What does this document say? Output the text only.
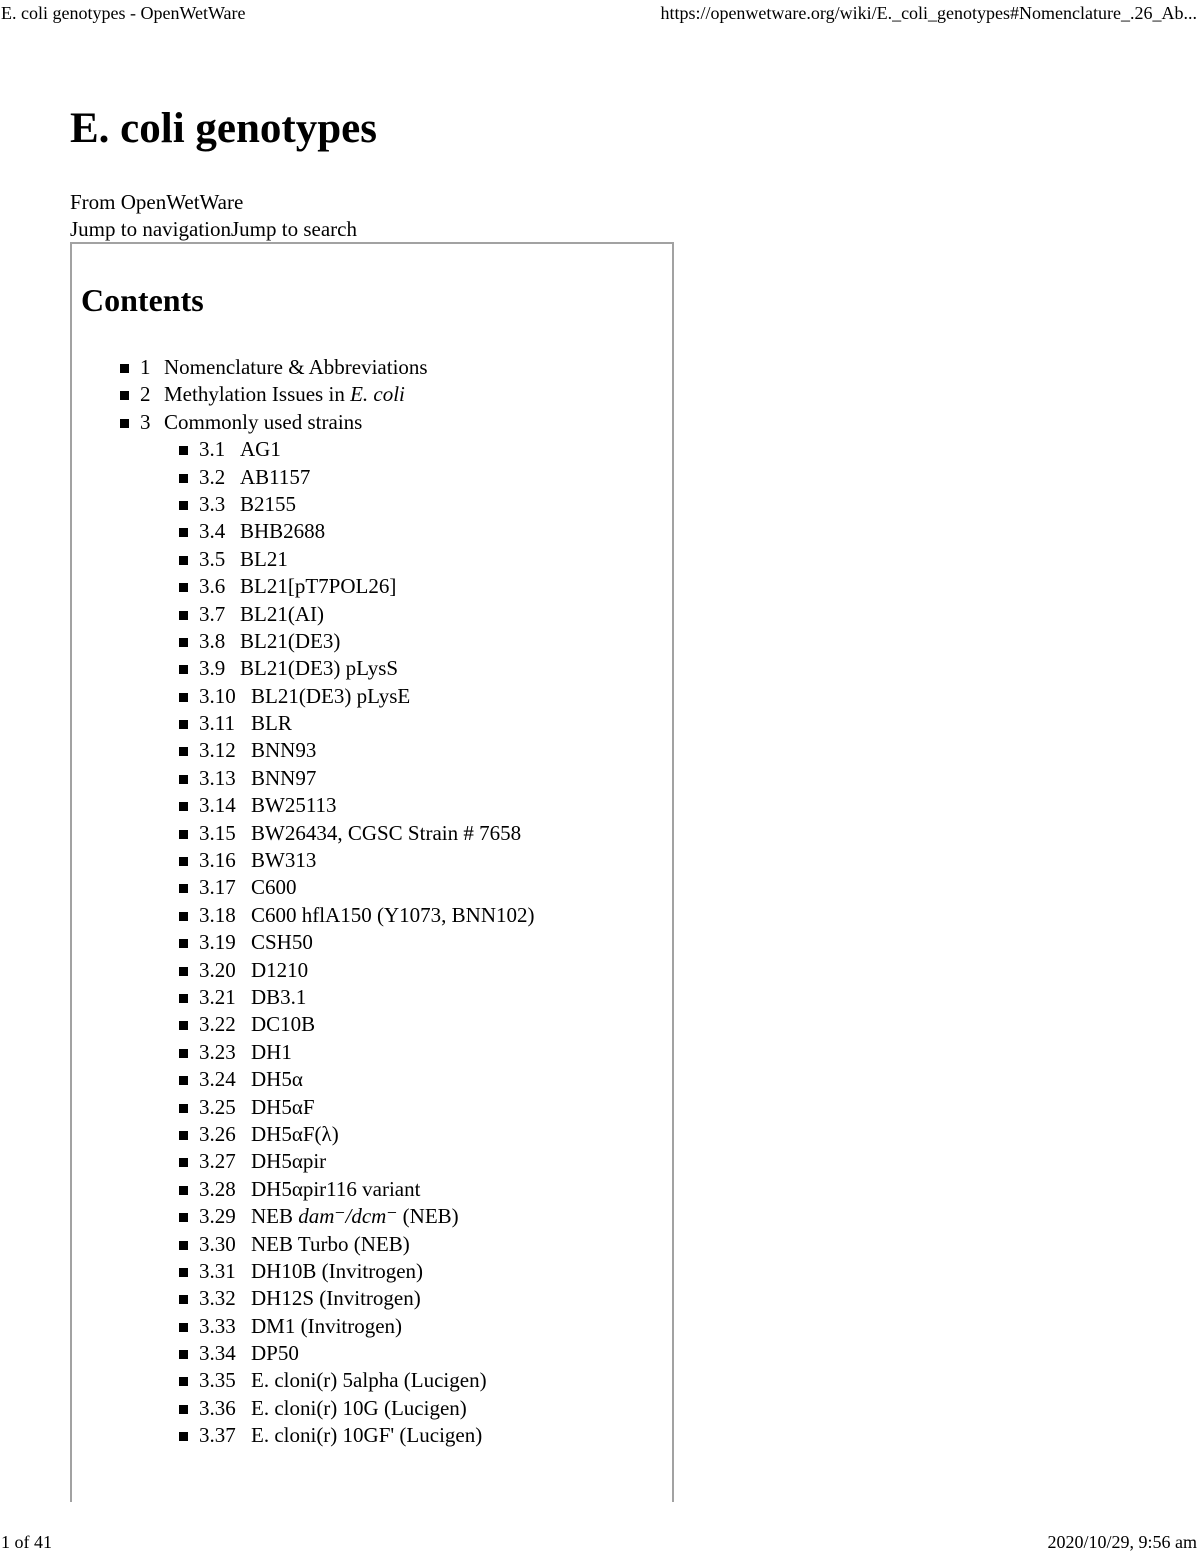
E. coli genotypes - OpenWetWare	https://openwetware.org/wiki/E._coli_genotypes#Nomenclature_.26_Ab...
E. coli genotypes
From OpenWetWare
Jump to navigationJump to search
Contents
1 Nomenclature & Abbreviations
2 Methylation Issues in E. coli
3 Commonly used strains
3.1 AG1
3.2 AB1157
3.3 B2155
3.4 BHB2688
3.5 BL21
3.6 BL21[pT7POL26]
3.7 BL21(AI)
3.8 BL21(DE3)
3.9 BL21(DE3) pLysS
3.10 BL21(DE3) pLysE
3.11 BLR
3.12 BNN93
3.13 BNN97
3.14 BW25113
3.15 BW26434, CGSC Strain # 7658
3.16 BW313
3.17 C600
3.18 C600 hflA150 (Y1073, BNN102)
3.19 CSH50
3.20 D1210
3.21 DB3.1
3.22 DC10B
3.23 DH1
3.24 DH5α
3.25 DH5αF
3.26 DH5αF(λ)
3.27 DH5αpir
3.28 DH5αpir116 variant
3.29 NEB dam⁻/dcm⁻ (NEB)
3.30 NEB Turbo (NEB)
3.31 DH10B (Invitrogen)
3.32 DH12S (Invitrogen)
3.33 DM1 (Invitrogen)
3.34 DP50
3.35 E. cloni(r) 5alpha (Lucigen)
3.36 E. cloni(r) 10G (Lucigen)
3.37 E. cloni(r) 10GF' (Lucigen)
1 of 41	2020/10/29, 9:56 am
